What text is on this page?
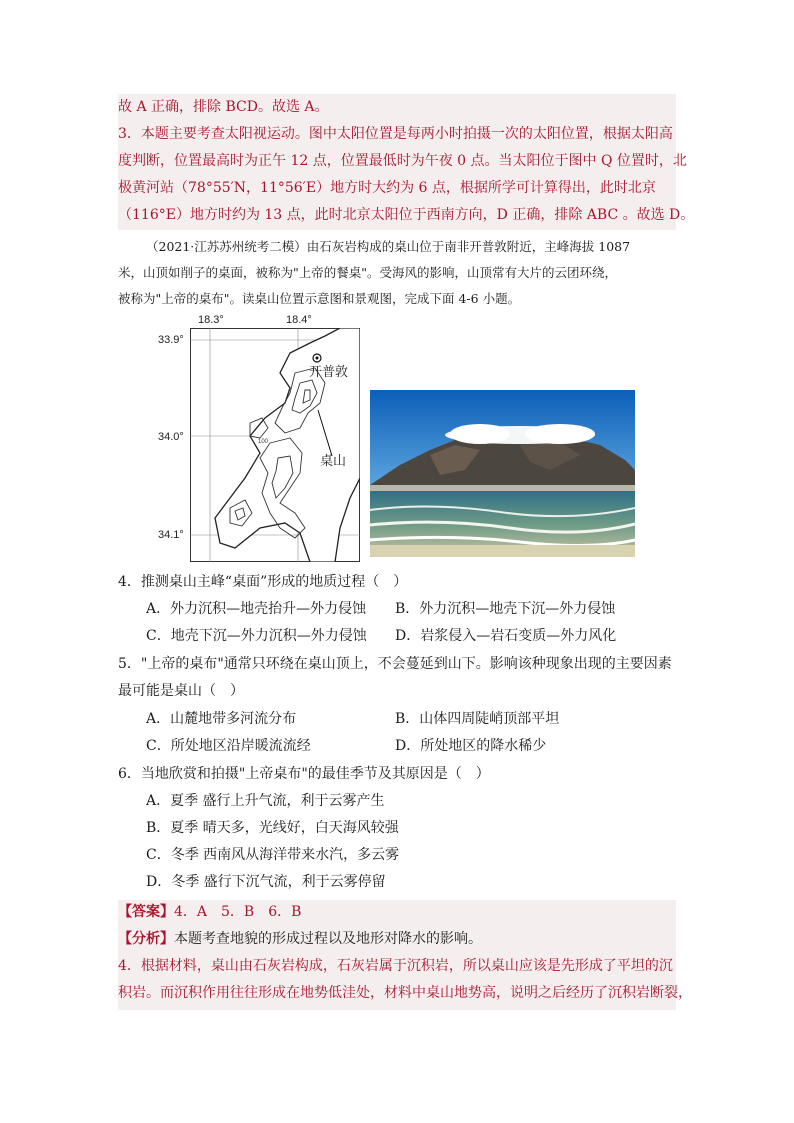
故 A 正确，排除 BCD。故选 A。
3．本题主要考查太阳视运动。图中太阳位置是每两小时拍摄一次的太阳位置，根据太阳高
度判断，位置最高时为正午 12 点，位置最低时为午夜 0 点。当太阳位于图中 Q 位置时，北
极黄河站（78°55′N，11°56′E）地方时大约为 6 点，根据所学可计算得出，此时北京
（116°E）地方时约为 13 点，此时北京太阳位于西南方向，D 正确，排除 ABC 。故选 D。
（2021·江苏苏州统考二模）由石灰岩构成的桌山位于南非开普敦附近，主峰海拔 1087
米，山顶如削子的桌面，被称为"上帝的餐桌"。受海风的影响，山顶常有大片的云团环绕，
被称为"上帝的桌布"。读桌山位置示意图和景观图，完成下面 4-6 小题。
18.3°	18.4°
33.9°
34.0°
34.1°
100
开普敦
桌山
4．推测桌山主峰“桌面”形成的地质过程（　）
A．外力沉积—地壳抬升—外力侵蚀 B．外力沉积—地壳下沉—外力侵蚀
C．地壳下沉—外力沉积—外力侵蚀 D．岩浆侵入—岩石变质—外力风化
5．"上帝的桌布"通常只环绕在桌山顶上，不会蔓延到山下。影响该种现象出现的主要因素
最可能是桌山（　）
A．山麓地带多河流分布	B．山体四周陡峭顶部平坦
C．所处地区沿岸暖流流经	D．所处地区的降水稀少
6．当地欣赏和拍摄"上帝桌布"的最佳季节及其原因是（　）
A．夏季 盛行上升气流，利于云雾产生
B．夏季 晴天多，光线好，白天海风较强
C．冬季 西南风从海洋带来水汽，多云雾
D．冬季 盛行下沉气流，利于云雾停留
【答案】4．A　5．B　6．B
【分析】本题考查地貌的形成过程以及地形对降水的影响。
4．根据材料，桌山由石灰岩构成，石灰岩属于沉积岩，所以桌山应该是先形成了平坦的沉
积岩。而沉积作用往往形成在地势低洼处，材料中桌山地势高，说明之后经历了沉积岩断裂，
